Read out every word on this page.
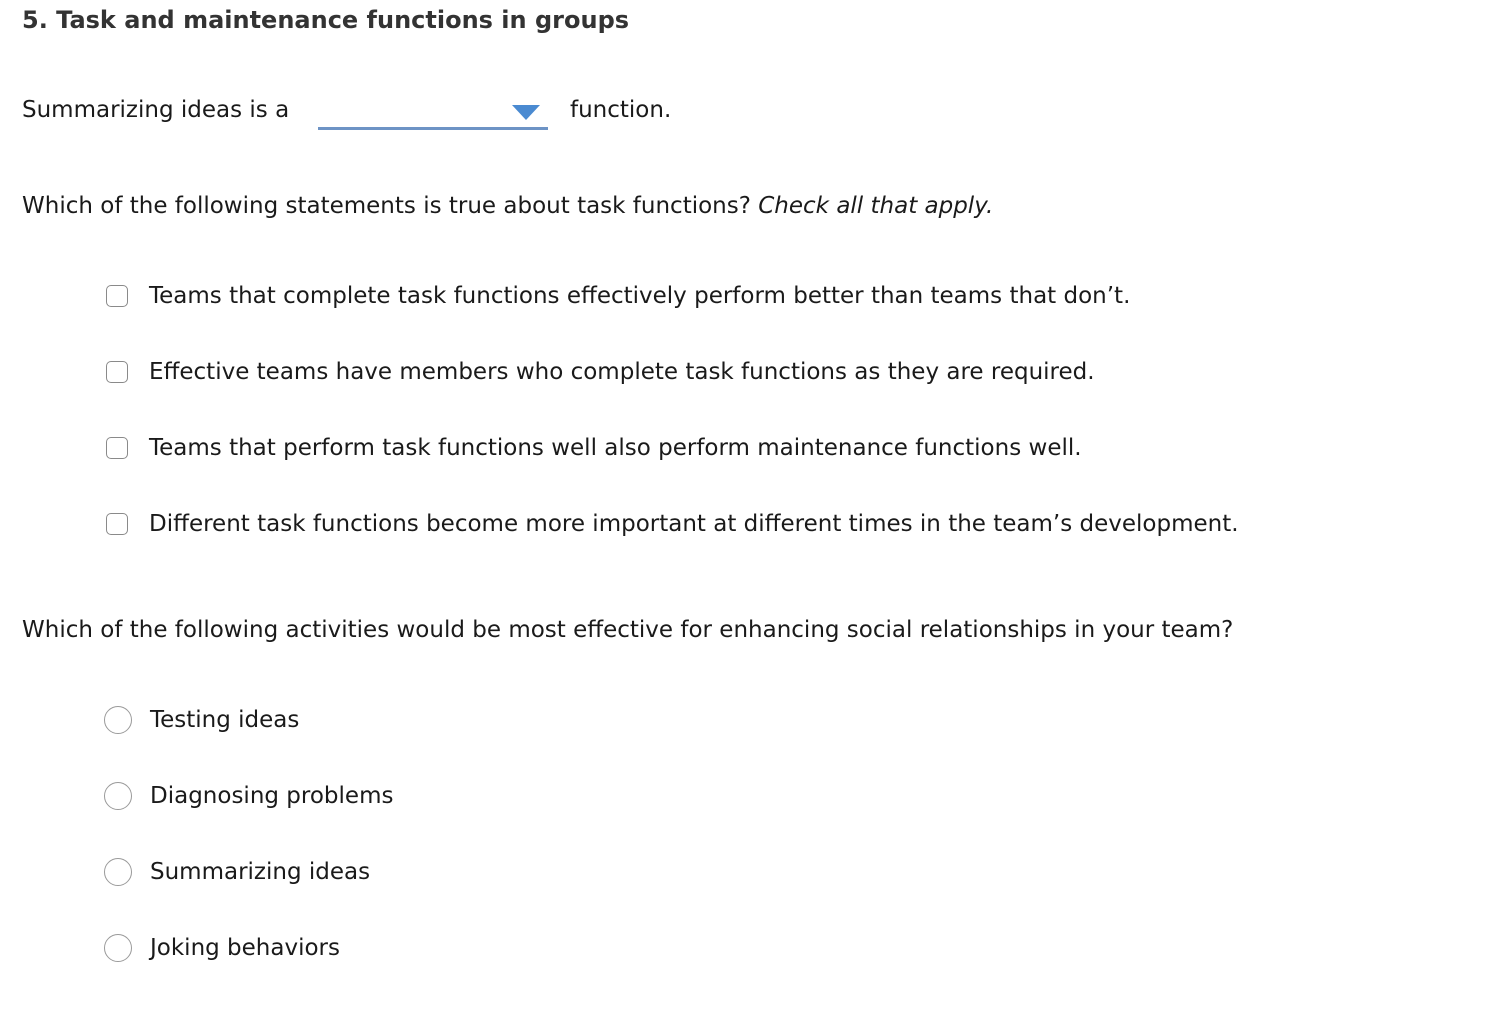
5. Task and maintenance functions in groups
Summarizing ideas is a	function.
Which of the following statements is true about task functions? Check all that apply.
Teams that complete task functions effectively perform better than teams that don’t.
Effective teams have members who complete task functions as they are required.
Teams that perform task functions well also perform maintenance functions well.
Different task functions become more important at different times in the team’s development.
Which of the following activities would be most effective for enhancing social relationships in your team?
Testing ideas
Diagnosing problems
Summarizing ideas
Joking behaviors
